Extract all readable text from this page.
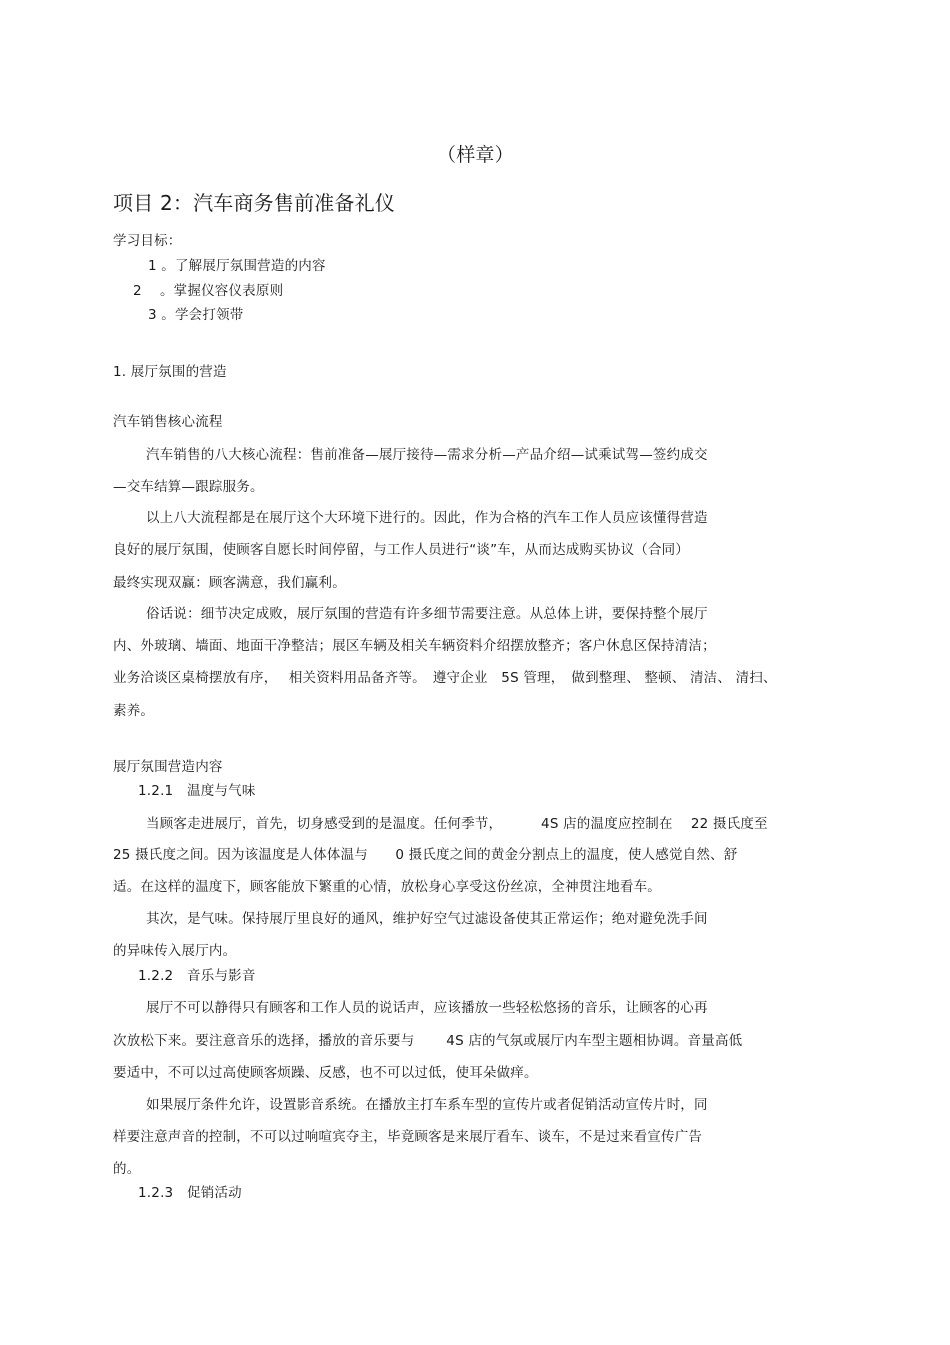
（样章）
项目 2：汽车商务售前准备礼仪
学习目标：
1 。了解展厅氛围营造的内容
2　 。掌握仪容仪表原则
3 。学会打领带
1. 展厅氛围的营造
汽车销售核心流程
汽车销售的八大核心流程：售前准备—展厅接待—需求分析—产品介绍—试乘试驾—签约成交
—交车结算—跟踪服务。
以上八大流程都是在展厅这个大环境下进行的。因此，作为合格的汽车工作人员应该懂得营造
良好的展厅氛围，使顾客自愿长时间停留，与工作人员进行“谈”车，从而达成购买协议（合同）
最终实现双赢：顾客满意，我们赢利。
俗话说：细节决定成败，展厅氛围的营造有许多细节需要注意。从总体上讲，要保持整个展厅
内、外玻璃、墙面、地面干净整洁；展区车辆及相关车辆资料介绍摆放整齐；客户休息区保持清洁；
业务洽谈区桌椅摆放有序，　 相关资料用品备齐等。　遵守企业　5S 管理，　做到整理、 整顿、 清洁、 清扫、
素养。
展厅氛围营造内容
1.2.1　温度与气味
当顾客走进展厅，首先，切身感受到的是温度。任何季节，　　　 4S 店的温度应控制在　 22 摄氏度至
25 摄氏度之间。因为该温度是人体体温与　　0 摄氏度之间的黄金分割点上的温度，使人感觉自然、舒
适。在这样的温度下，顾客能放下繁重的心情，放松身心享受这份丝凉，全神贯注地看车。
其次，是气味。保持展厅里良好的通风，维护好空气过滤设备使其正常运作；绝对避免洗手间
的异味传入展厅内。
1.2.2　音乐与影音
展厅不可以静得只有顾客和工作人员的说话声，应该播放一些轻松悠扬的音乐，让顾客的心再
次放松下来。要注意音乐的选择，播放的音乐要与　　 4S 店的气氛或展厅内车型主题相协调。音量高低
要适中，不可以过高使顾客烦躁、反感，也不可以过低，使耳朵做痒。
如果展厅条件允许，设置影音系统。在播放主打车系车型的宣传片或者促销活动宣传片时，同
样要注意声音的控制，不可以过响喧宾夺主，毕竟顾客是来展厅看车、谈车，不是过来看宣传广告
的。
1.2.3　促销活动
